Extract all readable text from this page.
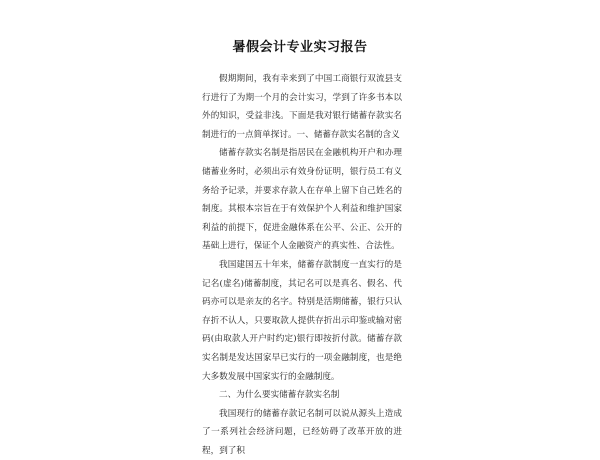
暑假会计专业实习报告

假期期间，我有幸来到了中国工商银行双流县支行进行了为期一个月的会计实习，学到了许多书本以外的知识，受益非浅。下面是我对银行储蓄存款实名制进行的一点简单探讨。一、储蓄存款实名制的含义

储蓄存款实名制是指居民在金融机构开户和办理储蓄业务时，必须出示有效身份证明，银行员工有义务给予记录，并要求存款人在存单上留下自己姓名的制度。其根本宗旨在于有效保护个人利益和维护国家利益的前提下，促进金融体系在公平、公正、公开的基础上进行，保证个人金融资产的真实性、合法性。

我国建国五十年来，储蓄存款制度一直实行的是记名(虚名)储蓄制度，其记名可以是真名、假名、代码亦可以是亲友的名字。特别是活期储蓄，银行只认存折不认人，只要取款人提供存折出示印鉴或输对密码(由取款人开户时约定)银行即按折付款。储蓄存款实名制是发达国家早已实行的一项金融制度，也是绝大多数发展中国家实行的金融制度。

二、为什么要实储蓄存款实名制

我国现行的储蓄存款记名制可以说从源头上造成了一系列社会经济问题，已经妨碍了改革开放的进程，到了积
